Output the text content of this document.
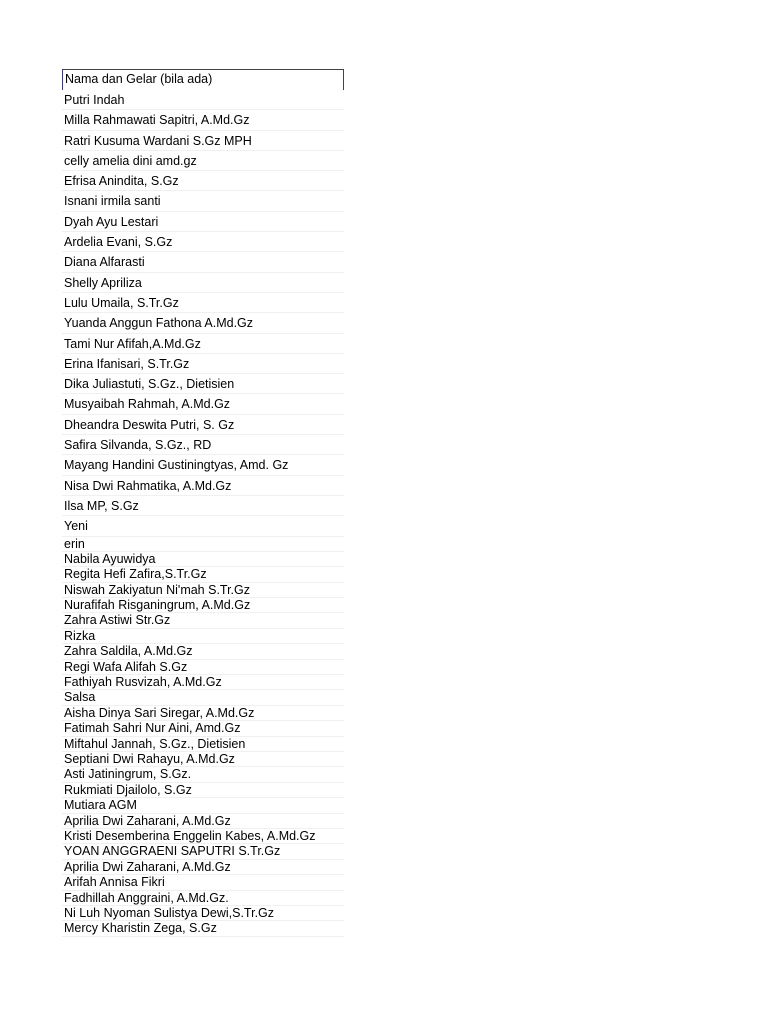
Nama dan Gelar (bila ada)
Putri Indah
Milla Rahmawati Sapitri, A.Md.Gz
Ratri Kusuma Wardani S.Gz MPH
celly amelia dini amd.gz
Efrisa Anindita, S.Gz
Isnani irmila santi
Dyah Ayu Lestari
Ardelia Evani, S.Gz
Diana Alfarasti
Shelly Apriliza
Lulu Umaila, S.Tr.Gz
Yuanda Anggun Fathona A.Md.Gz
Tami Nur Afifah,A.Md.Gz
Erina Ifanisari, S.Tr.Gz
Dika Juliastuti, S.Gz., Dietisien
Musyaibah Rahmah, A.Md.Gz
Dheandra Deswita Putri, S. Gz
Safira Silvanda, S.Gz., RD
Mayang Handini Gustiningtyas, Amd. Gz
Nisa Dwi Rahmatika, A.Md.Gz
Ilsa MP, S.Gz
Yeni
erin
Nabila Ayuwidya
Regita Hefi Zafira,S.Tr.Gz
Niswah Zakiyatun Ni'mah S.Tr.Gz
Nurafifah Risganingrum, A.Md.Gz
Zahra Astiwi Str.Gz
Rizka
Zahra Saldila, A.Md.Gz
Regi Wafa Alifah S.Gz
Fathiyah Rusvizah, A.Md.Gz
Salsa
Aisha Dinya Sari Siregar, A.Md.Gz
Fatimah Sahri Nur Aini, Amd.Gz
Miftahul Jannah, S.Gz., Dietisien
Septiani Dwi Rahayu, A.Md.Gz
Asti Jatiningrum, S.Gz.
Rukmiati Djailolo, S.Gz
Mutiara AGM
Aprilia Dwi Zaharani, A.Md.Gz
Kristi Desemberina Enggelin Kabes, A.Md.Gz
YOAN ANGGRAENI SAPUTRI S.Tr.Gz
Aprilia Dwi Zaharani, A.Md.Gz
Arifah Annisa Fikri
Fadhillah Anggraini, A.Md.Gz.
Ni Luh Nyoman Sulistya Dewi,S.Tr.Gz
Mercy Kharistin Zega, S.Gz
